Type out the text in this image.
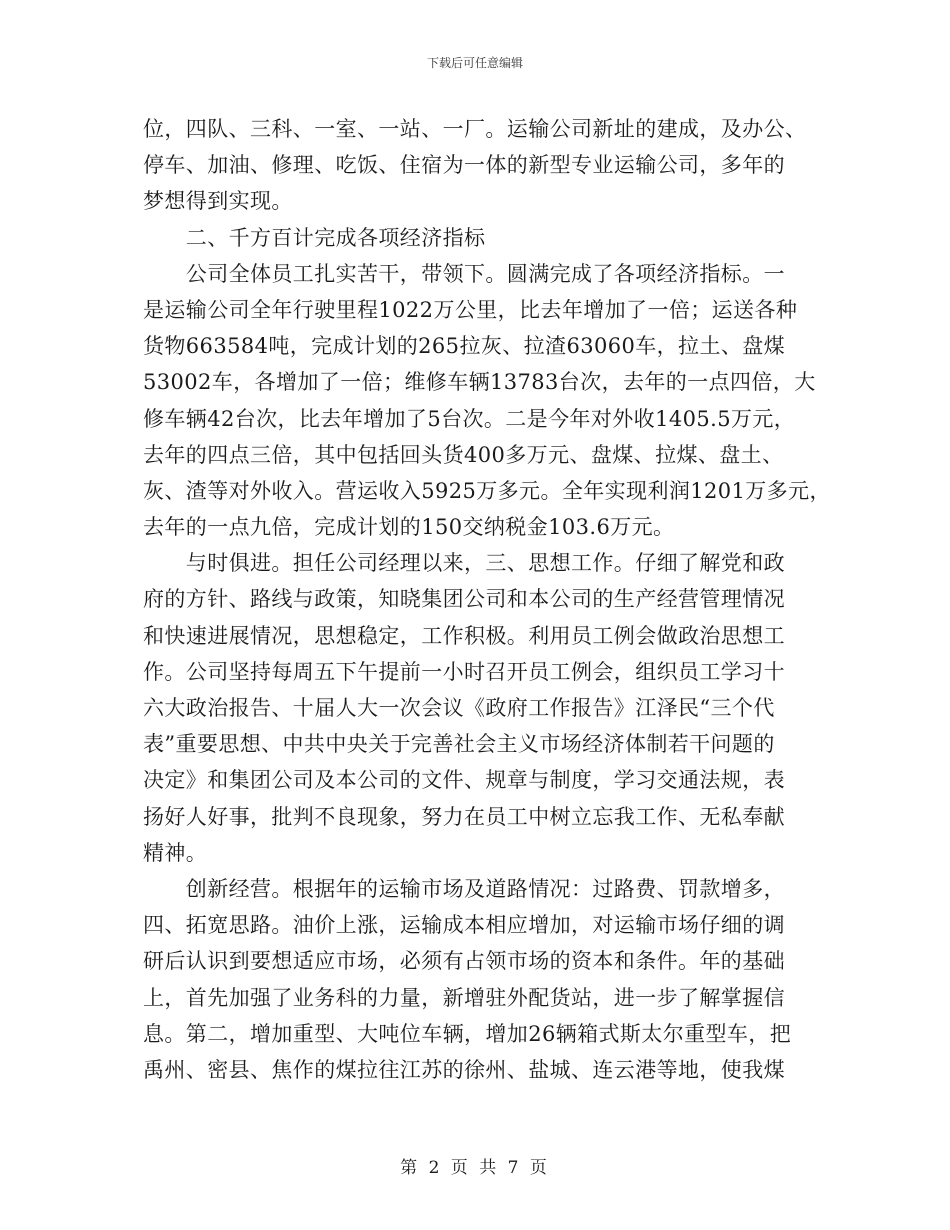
下载后可任意编辑
位，四队、三科、一室、一站、一厂。运输公司新址的建成，及办公、
停车、加油、修理、吃饭、住宿为一体的新型专业运输公司，多年的
梦想得到实现。
　　二、千方百计完成各项经济指标
　　公司全体员工扎实苦干，带领下。圆满完成了各项经济指标。一
是运输公司全年行驶里程1022万公里，比去年增加了一倍；运送各种
货物663584吨，完成计划的265拉灰、拉渣63060车，拉土、盘煤
53002车，各增加了一倍；维修车辆13783台次，去年的一点四倍，大
修车辆42台次，比去年增加了5台次。二是今年对外收1405.5万元，
去年的四点三倍，其中包括回头货400多万元、盘煤、拉煤、盘土、
灰、渣等对外收入。营运收入5925万多元。全年实现利润1201万多元，
去年的一点九倍，完成计划的150交纳税金103.6万元。
　　与时俱进。担任公司经理以来，三、思想工作。仔细了解党和政
府的方针、路线与政策，知晓集团公司和本公司的生产经营管理情况
和快速进展情况，思想稳定，工作积极。利用员工例会做政治思想工
作。公司坚持每周五下午提前一小时召开员工例会，组织员工学习十
六大政治报告、十届人大一次会议《政府工作报告》江泽民“三个代
表”重要思想、中共中央关于完善社会主义市场经济体制若干问题的
决定》和集团公司及本公司的文件、规章与制度，学习交通法规，表
扬好人好事，批判不良现象，努力在员工中树立忘我工作、无私奉献
精神。
　　创新经营。根据年的运输市场及道路情况：过路费、罚款增多，
四、拓宽思路。油价上涨，运输成本相应增加，对运输市场仔细的调
研后认识到要想适应市场，必须有占领市场的资本和条件。年的基础
上，首先加强了业务科的力量，新增驻外配货站，进一步了解掌握信
息。第二，增加重型、大吨位车辆，增加26辆箱式斯太尔重型车，把
禹州、密县、焦作的煤拉往江苏的徐州、盐城、连云港等地，使我煤
第 2 页 共 7 页
